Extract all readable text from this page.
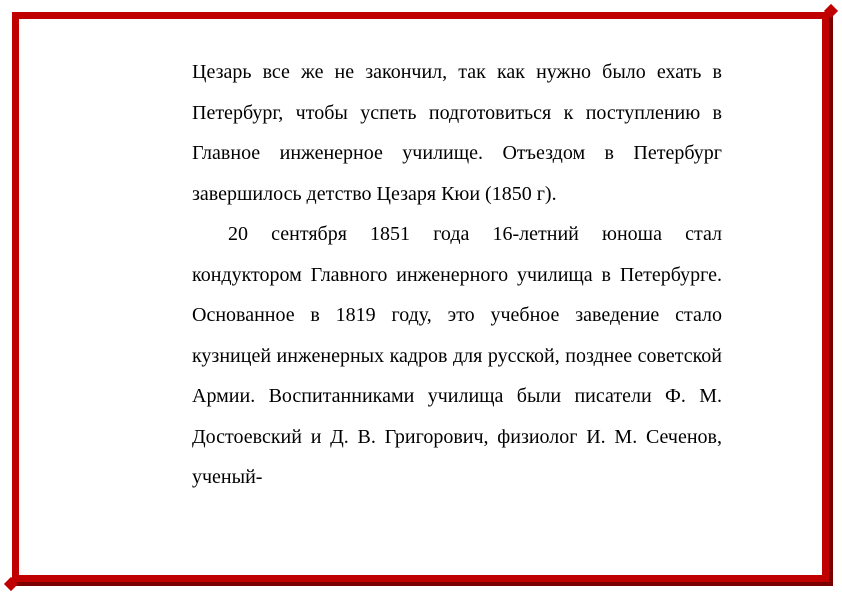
Цезарь все же не закончил, так как нужно было ехать в Петербург, чтобы успеть подготовиться к поступлению в Главное инженерное училище. Отъездом в Петербург завершилось детство Цезаря Кюи (1850 г).

20 сентября 1851 года 16-летний юноша стал кондуктором Главного инженерного училища в Петербурге. Основанное в 1819 году, это учебное заведение стало кузницей инженерных кадров для русской, позднее советской Армии. Воспитанниками училища были писатели Ф. М. Достоевский и Д. В. Григорович, физиолог И. М. Сеченов, ученый-
